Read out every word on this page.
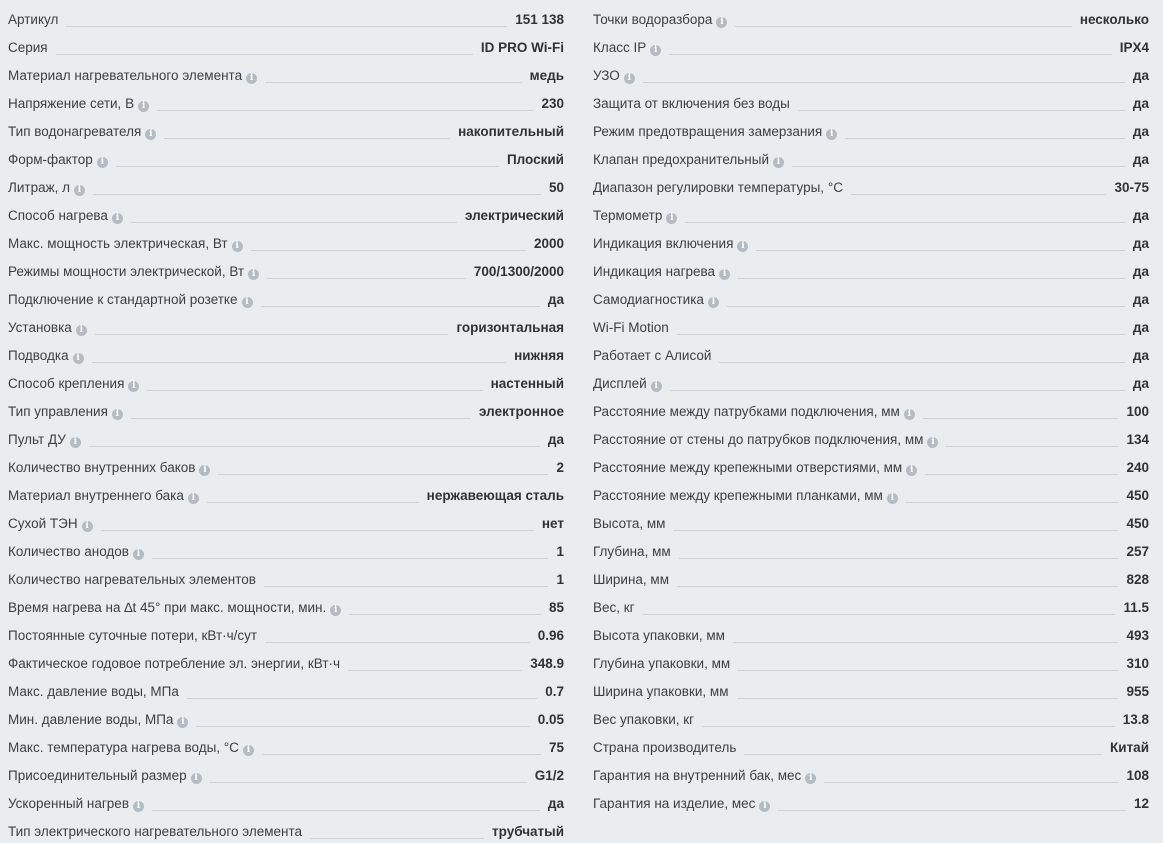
Артикул	151 138
Серия	ID PRO Wi-Fi
Материал нагревательного элемента i	медь
Напряжение сети, В i	230
Тип водонагревателя i	накопительный
Форм-фактор i	Плоский
Литраж, л i	50
Способ нагрева i	электрический
Макс. мощность электрическая, Вт i	2000
Режимы мощности электрической, Вт i	700/1300/2000
Подключение к стандартной розетке i	да
Установка i	горизонтальная
Подводка i	нижняя
Способ крепления i	настенный
Тип управления i	электронное
Пульт ДУ i	да
Количество внутренних баков i	2
Материал внутреннего бака i	нержавеющая сталь
Сухой ТЭН i	нет
Количество анодов i	1
Количество нагревательных элементов	1
Время нагрева на ∆t 45° при макс. мощности, мин. i	85
Постоянные суточные потери, кВт·ч/сут	0.96
Фактическое годовое потребление эл. энергии, кВт·ч	348.9
Макс. давление воды, МПа	0.7
Мин. давление воды, МПа i	0.05
Макс. температура нагрева воды, °C i	75
Присоединительный размер i	G1/2
Ускоренный нагрев i	да
Тип электрического нагревательного элемента	трубчатый
Точки водоразбора i	несколько
Класс IP i	IPX4
УЗО i	да
Защита от включения без воды	да
Режим предотвращения замерзания i	да
Клапан предохранительный i	да
Диапазон регулировки температуры, °C	30-75
Термометр i	да
Индикация включения i	да
Индикация нагрева i	да
Самодиагностика i	да
Wi-Fi Motion	да
Работает с Алисой	да
Дисплей i	да
Расстояние между патрубками подключения, мм i	100
Расстояние от стены до патрубков подключения, мм i	134
Расстояние между крепежными отверстиями, мм i	240
Расстояние между крепежными планками, мм i	450
Высота, мм	450
Глубина, мм	257
Ширина, мм	828
Вес, кг	11.5
Высота упаковки, мм	493
Глубина упаковки, мм	310
Ширина упаковки, мм	955
Вес упаковки, кг	13.8
Страна производитель	Китай
Гарантия на внутренний бак, мес i	108
Гарантия на изделие, мес i	12
